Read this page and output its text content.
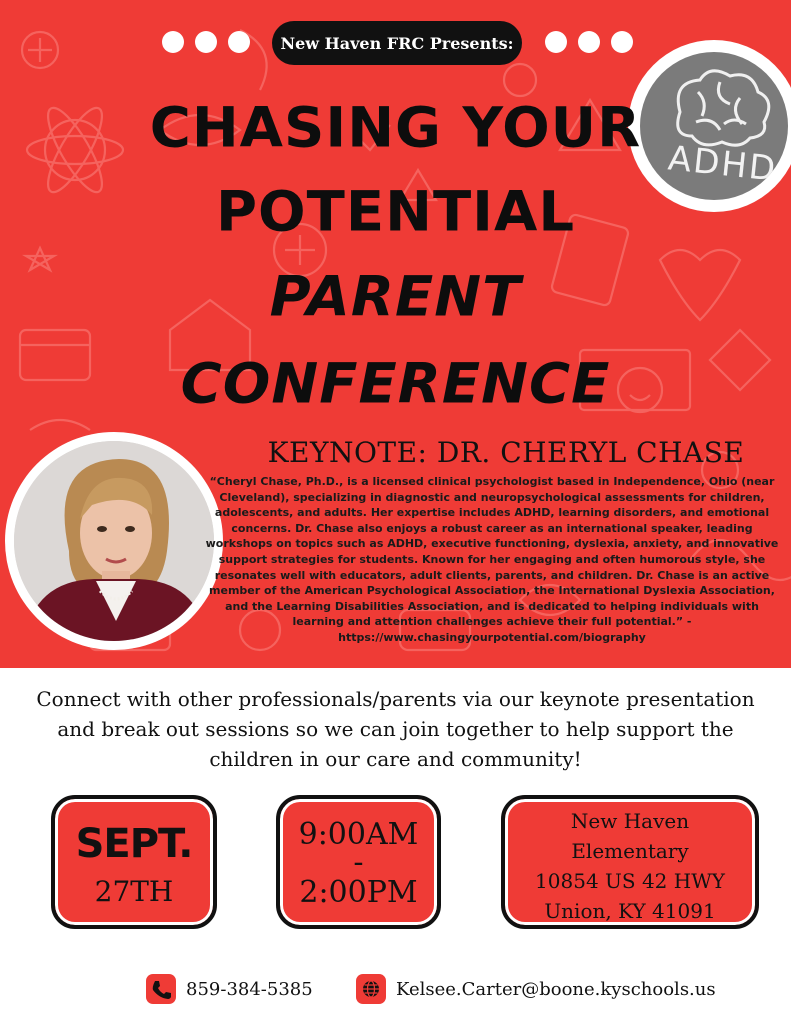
New Haven FRC Presents:
ADHD
CHASING YOUR
POTENTIAL
PARENT
CONFERENCE
KEYNOTE: DR. CHERYL CHASE
“Cheryl Chase, Ph.D., is a licensed clinical psychologist based in Independence, Ohio (near Cleveland), specializing in diagnostic and neuropsychological assessments for children, adolescents, and adults. Her expertise includes ADHD, learning disorders, and emotional concerns. Dr. Chase also enjoys a robust career as an international speaker, leading workshops on topics such as ADHD, executive functioning, dyslexia, anxiety, and innovative support strategies for students. Known for her engaging and often humorous style, she resonates well with educators, adult clients, parents, and children. Dr. Chase is an active member of the American Psychological Association, the International Dyslexia Association, and the Learning Disabilities Association, and is dedicated to helping individuals with learning and attention challenges achieve their full potential.” - https://www.chasingyourpotential.com/biography
Connect with other professionals/parents via our keynote presentation and break out sessions so we can join together to help support the children in our care and community!
SEPT.
27TH
9:00AM
-
2:00PM
New Haven
Elementary
10854 US 42 HWY
Union, KY 41091
859-384-5385	Kelsee.Carter@boone.kyschools.us
